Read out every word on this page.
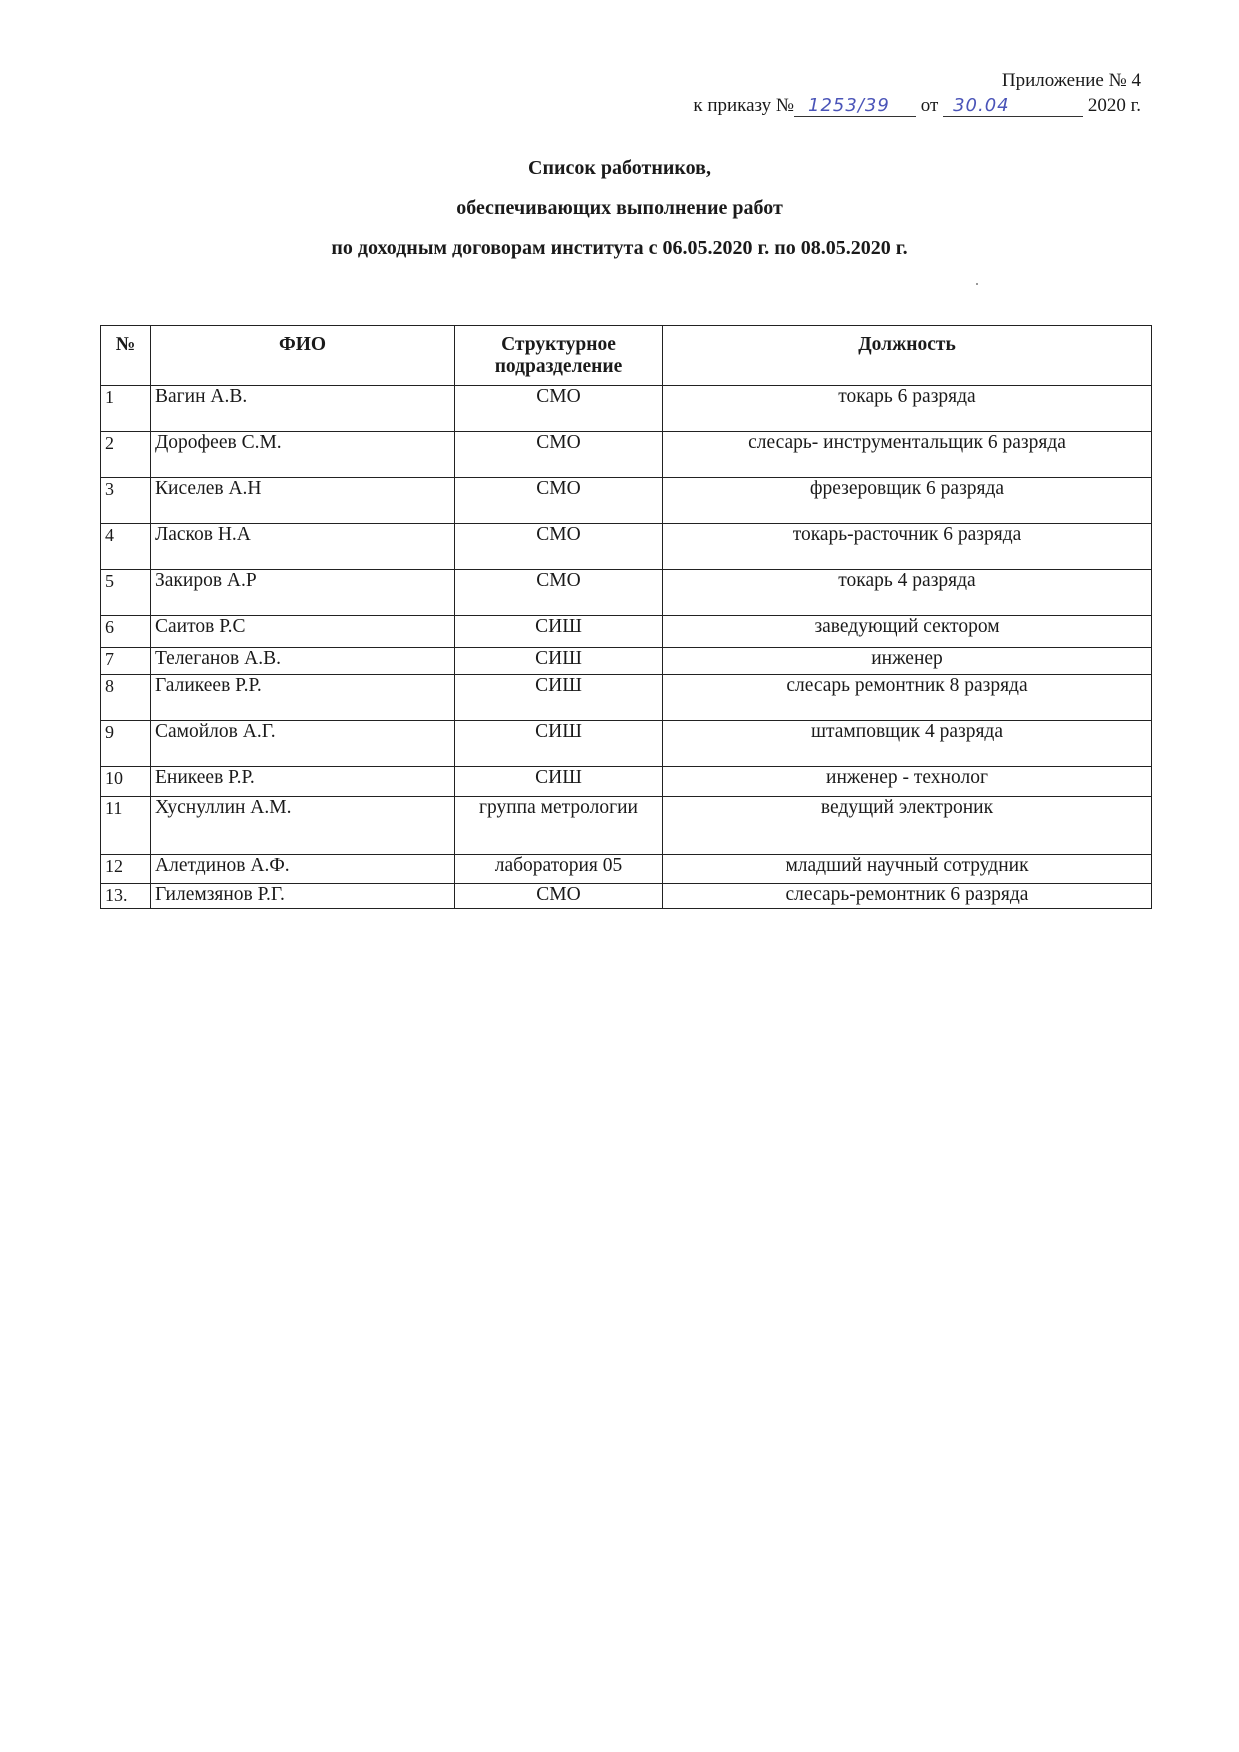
Приложение № 4
к приказу № 1253/39 от 30.04	2020 г.
Список работников,
обеспечивающих выполнение работ
по доходным договорам института с 06.05.2020 г. по 08.05.2020 г.
№	ФИО	Структурное подразделение	Должность
1	Вагин А.В.	СМО	токарь 6 разряда
2	Дорофеев С.М.	СМО	слесарь- инструментальщик 6 разряда
3	Киселев А.Н	СМО	фрезеровщик 6 разряда
4	Ласков Н.А	СМО	токарь-расточник 6 разряда
5	Закиров А.Р	СМО	токарь 4 разряда
6	Саитов Р.С	СИШ	заведующий сектором
7	Телеганов А.В.	СИШ	инженер
8	Галикеев Р.Р.	СИШ	слесарь ремонтник 8 разряда
9	Самойлов А.Г.	СИШ	штамповщик 4 разряда
10	Еникеев Р.Р.	СИШ	инженер - технолог
11	Хуснуллин А.М.	группа метрологии	ведущий электроник
12	Алетдинов А.Ф.	лаборатория 05	младший научный сотрудник
13.	Гилемзянов Р.Г.	СМО	слесарь-ремонтник 6 разряда
